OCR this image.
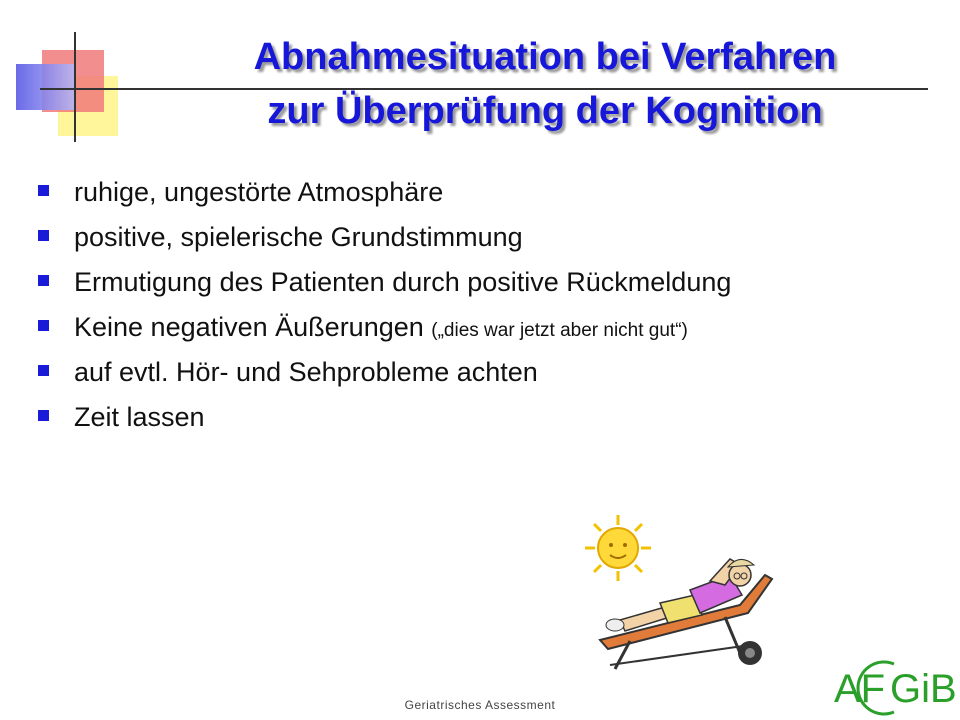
Abnahmesituation bei Verfahren
zur Überprüfung der Kognition
ruhige, ungestörte Atmosphäre
positive, spielerische Grundstimmung
Ermutigung des Patienten durch positive Rückmeldung
Keine negativen Äußerungen („dies war jetzt aber nicht gut“)
auf evtl. Hör- und Sehprobleme achten
Zeit lassen
Geriatrisches Assessment	AF GiB
